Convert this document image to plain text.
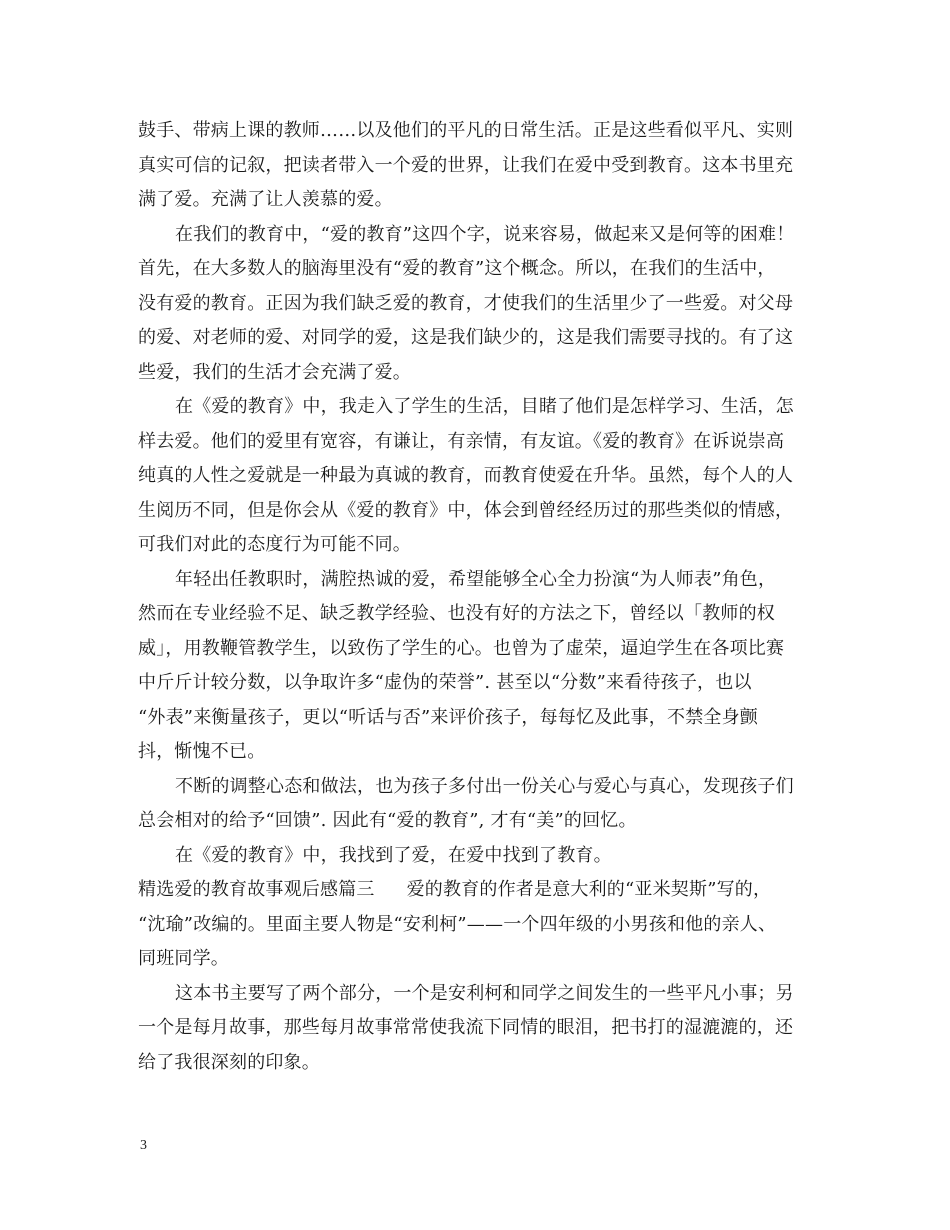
鼓手、带病上课的教师……以及他们的平凡的日常生活。正是这些看似平凡、实则
真实可信的记叙，把读者带入一个爱的世界，让我们在爱中受到教育。这本书里充
满了爱。充满了让人羡慕的爱。
在我们的教育中，“爱的教育”这四个字，说来容易，做起来又是何等的困难！
首先，在大多数人的脑海里没有“爱的教育”这个概念。所以，在我们的生活中，
没有爱的教育。正因为我们缺乏爱的教育，才使我们的生活里少了一些爱。对父母
的爱、对老师的爱、对同学的爱，这是我们缺少的，这是我们需要寻找的。有了这
些爱，我们的生活才会充满了爱。
在《爱的教育》中，我走入了学生的生活，目睹了他们是怎样学习、生活，怎
样去爱。他们的爱里有宽容，有谦让，有亲情，有友谊。《爱的教育》在诉说崇高
纯真的人性之爱就是一种最为真诚的教育，而教育使爱在升华。虽然，每个人的人
生阅历不同，但是你会从《爱的教育》中，体会到曾经经历过的那些类似的情感，
可我们对此的态度行为可能不同。
年轻出任教职时，满腔热诚的爱，希望能够全心全力扮演“为人师表”角色，
然而在专业经验不足、缺乏教学经验、也没有好的方法之下，曾经以「教师的权
威」，用教鞭管教学生，以致伤了学生的心。也曾为了虚荣，逼迫学生在各项比赛
中斤斤计较分数，以争取许多“虚伪的荣誉”. 甚至以“分数”来看待孩子，也以
“外表”来衡量孩子，更以“听话与否”来评价孩子，每每忆及此事，不禁全身颤
抖，惭愧不已。
不断的调整心态和做法，也为孩子多付出一份关心与爱心与真心，发现孩子们
总会相对的给予“回馈”. 因此有“爱的教育”, 才有“美”的回忆。
在《爱的教育》中，我找到了爱，在爱中找到了教育。
精选爱的教育故事观后感篇三 爱的教育的作者是意大利的“亚米契斯”写的，
“沈瑜”改编的。里面主要人物是“安利柯”——一个四年级的小男孩和他的亲人、
同班同学。
这本书主要写了两个部分，一个是安利柯和同学之间发生的一些平凡小事；另
一个是每月故事，那些每月故事常常使我流下同情的眼泪，把书打的湿漉漉的，还
给了我很深刻的印象。
3
